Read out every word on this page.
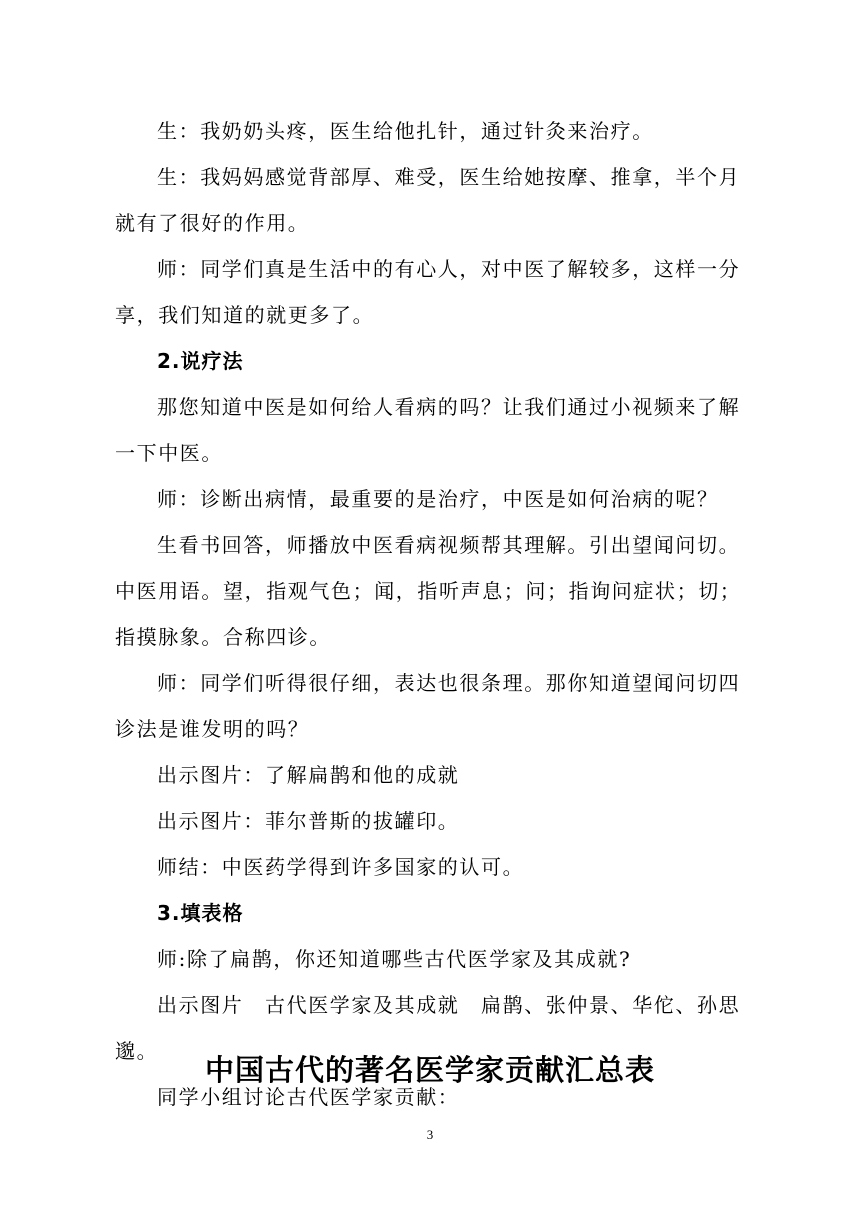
生：我奶奶头疼，医生给他扎针，通过针灸来治疗。

生：我妈妈感觉背部厚、难受，医生给她按摩、推拿，半个月就有了很好的作用。

师：同学们真是生活中的有心人，对中医了解较多，这样一分享，我们知道的就更多了。

2.说疗法

那您知道中医是如何给人看病的吗？让我们通过小视频来了解一下中医。

师：诊断出病情，最重要的是治疗，中医是如何治病的呢？

生看书回答，师播放中医看病视频帮其理解。引出望闻问切。中医用语。望，指观气色；闻，指听声息；问；指询问症状；切；指摸脉象。合称四诊。

师：同学们听得很仔细，表达也很条理。那你知道望闻问切四诊法是谁发明的吗？

出示图片：了解扁鹊和他的成就

出示图片：菲尔普斯的拔罐印。

师结：中医药学得到许多国家的认可。

3.填表格

师:除了扁鹊，你还知道哪些古代医学家及其成就?

出示图片　古代医学家及其成就　扁鹊、张仲景、华佗、孙思邈。

同学小组讨论古代医学家贡献：

中国古代的著名医学家贡献汇总表
3
